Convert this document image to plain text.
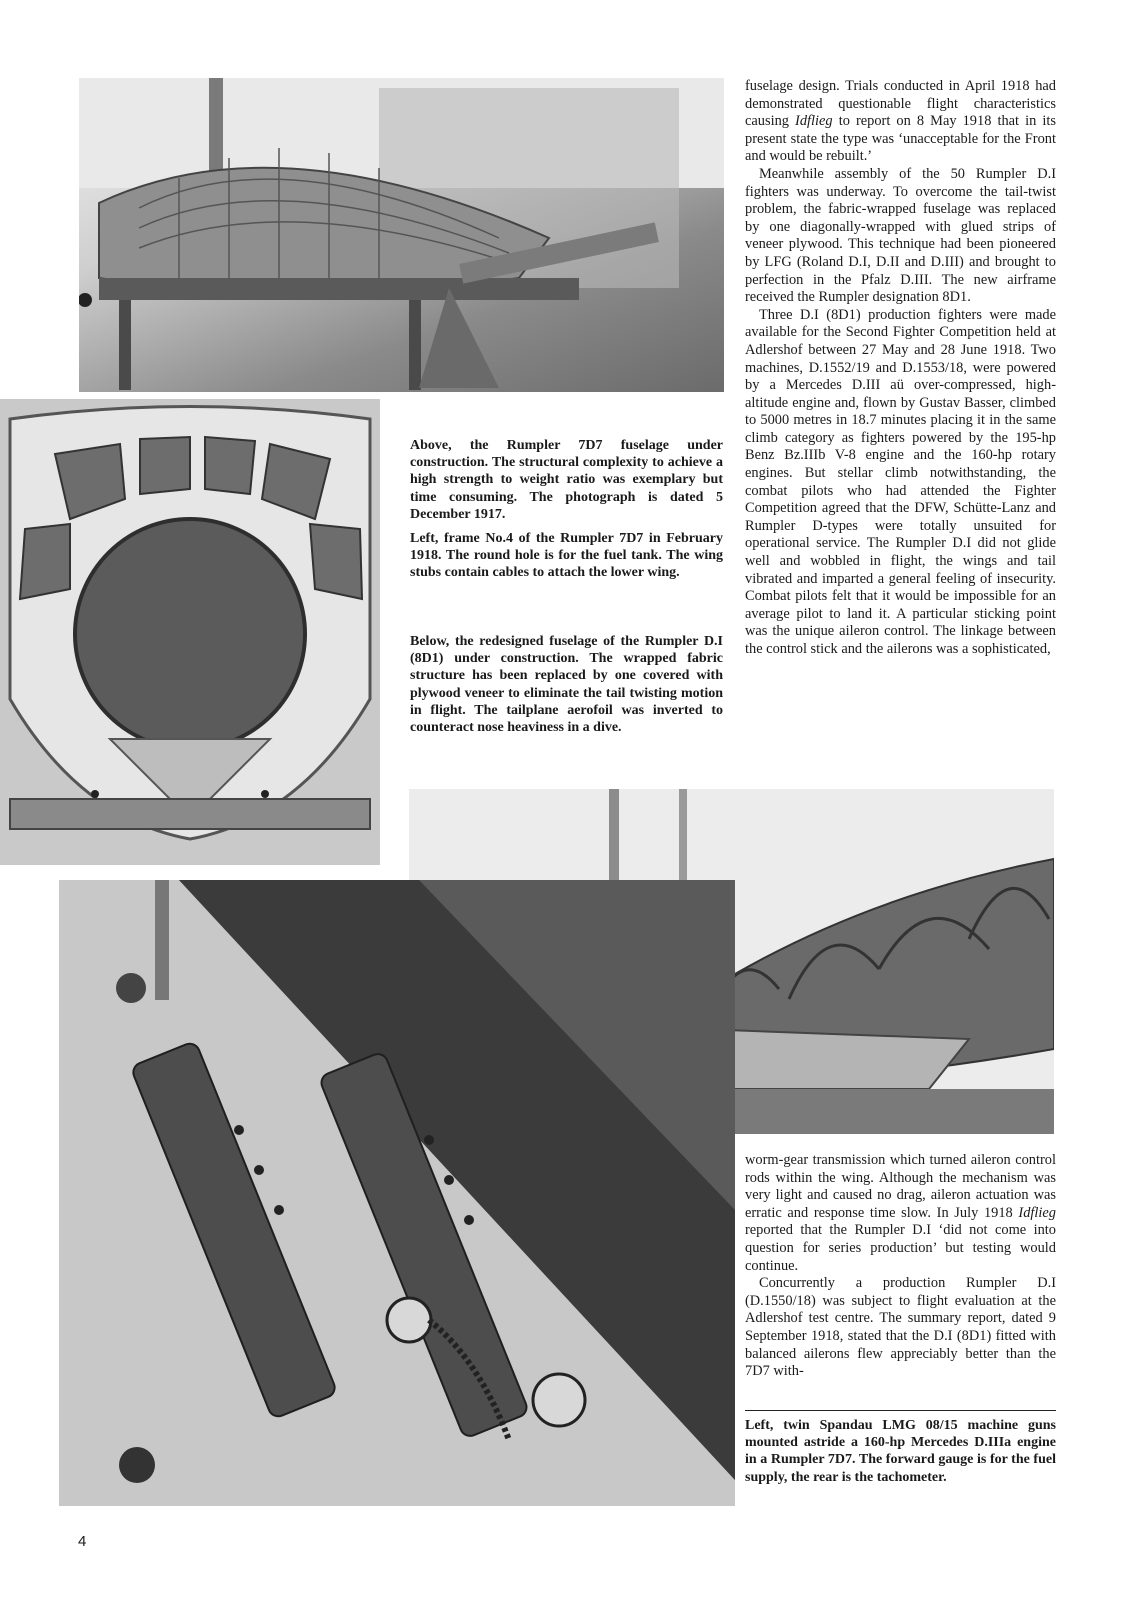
fuselage design. Trials conducted in April 1918 had demonstrated questionable flight characteristics causing Idflieg to report on 8 May 1918 that in its present state the type was ‘unacceptable for the Front and would be rebuilt.’

Meanwhile assembly of the 50 Rumpler D.I fighters was underway. To overcome the tail-twist problem, the fabric-wrapped fuselage was replaced by one diagonally-wrapped with glued strips of veneer plywood. This technique had been pioneered by LFG (Roland D.I, D.II and D.III) and brought to perfection in the Pfalz D.III. The new airframe received the Rumpler designation 8D1.

Three D.I (8D1) production fighters were made available for the Second Fighter Competition held at Adlershof between 27 May and 28 June 1918. Two machines, D.1552/19 and D.1553/18, were powered by a Mercedes D.III aü over-compressed, high-altitude engine and, flown by Gustav Basser, climbed to 5000 metres in 18.7 minutes placing it in the same climb category as fighters powered by the 195-hp Benz Bz.IIIb V-8 engine and the 160-hp rotary engines. But stellar climb notwithstanding, the combat pilots who had attended the Fighter Competition agreed that the DFW, Schütte-Lanz and Rumpler D-types were totally unsuited for operational service. The Rumpler D.I did not glide well and wobbled in flight, the wings and tail vibrated and imparted a general feeling of insecurity. Combat pilots felt that it would be impossible for an average pilot to land it. A particular sticking point was the unique aileron control. The linkage between the control stick and the ailerons was a sophisticated,

Above, the Rumpler 7D7 fuselage under construction. The structural complexity to achieve a high strength to weight ratio was exemplary but time consuming. The photograph is dated 5 December 1917.
Left, frame No.4 of the Rumpler 7D7 in February 1918. The round hole is for the fuel tank. The wing stubs contain cables to attach the lower wing.
Below, the redesigned fuselage of the Rumpler D.I (8D1) under construction. The wrapped fabric structure has been replaced by one covered with plywood veneer to eliminate the tail twisting motion in flight. The tailplane aerofoil was inverted to counteract nose heaviness in a dive.

worm-gear transmission which turned aileron control rods within the wing. Although the mechanism was very light and caused no drag, aileron actuation was erratic and response time slow. In July 1918 Idflieg reported that the Rumpler D.I ‘did not come into question for series production’ but testing would continue.

Concurrently a production Rumpler D.I (D.1550/18) was subject to flight evaluation at the Adlershof test centre. The summary report, dated 9 September 1918, stated that the D.I (8D1) fitted with balanced ailerons flew appreciably better than the 7D7 with-

Left, twin Spandau LMG 08/15 machine guns mounted astride a 160-hp Mercedes D.IIIa engine in a Rumpler 7D7. The forward gauge is for the fuel supply, the rear is the tachometer.
4
